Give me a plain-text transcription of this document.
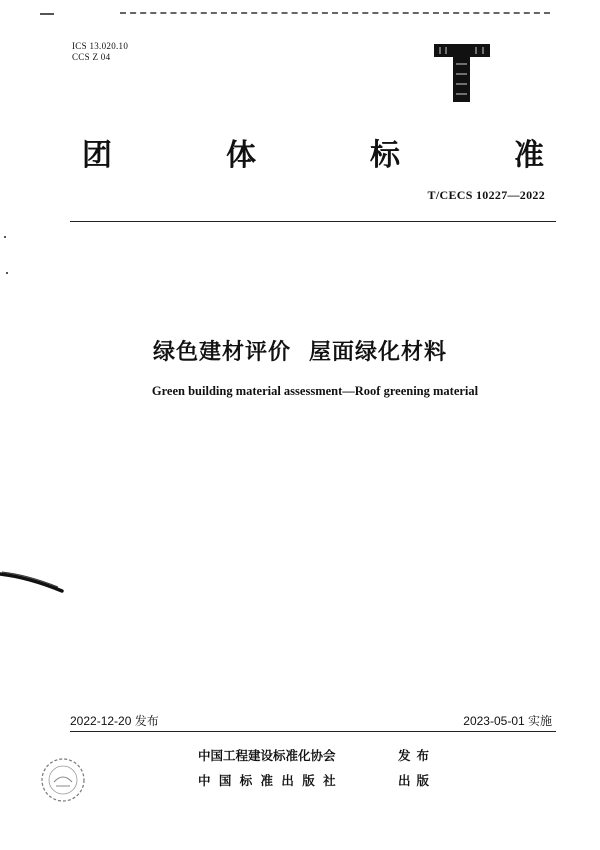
ICS 13.020.10
CCS Z 04
团	体	标	准
T/CECS 10227—2022
绿色建材评价 屋面绿化材料
Green building material assessment—Roof greening material
2022-12-20 发布	2023-05-01 实施
中国工程建设标准化协会	发布
中 国 标 准 出 版 社	出版
